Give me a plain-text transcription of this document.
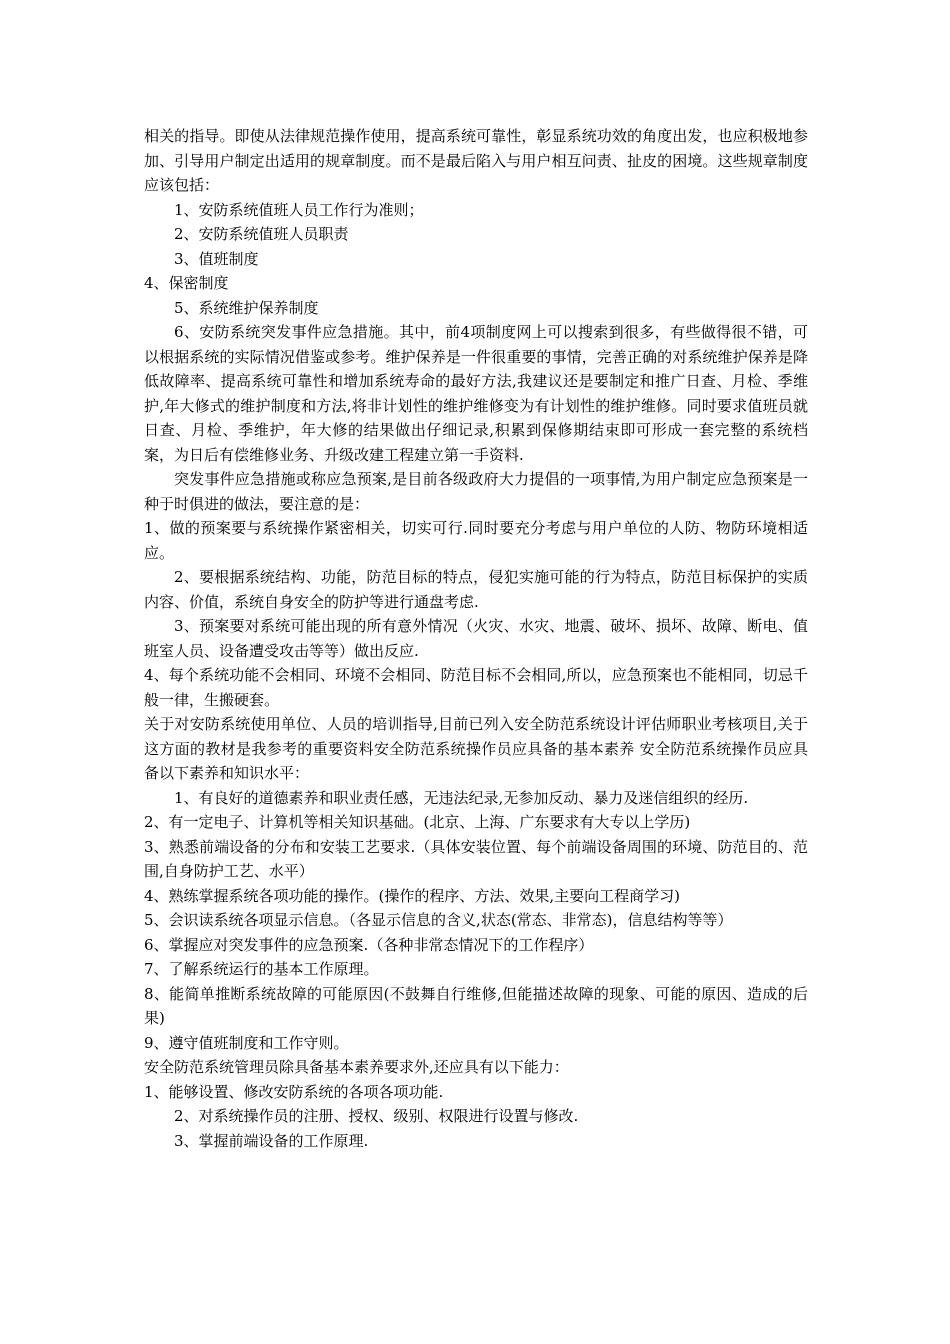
相关的指导。即使从法律规范操作使用，提高系统可靠性，彰显系统功效的角度出发，也应积极地参加、引导用户制定出适用的规章制度。而不是最后陷入与用户相互问责、扯皮的困境。这些规章制度应该包括：

1、安防系统值班人员工作行为准则；

2、安防系统值班人员职责

3、值班制度

4、保密制度

5、系统维护保养制度

6、安防系统突发事件应急措施。其中，前4项制度网上可以搜索到很多，有些做得很不错，可以根据系统的实际情况借鉴或参考。维护保养是一件很重要的事情，完善正确的对系统维护保养是降低故障率、提高系统可靠性和增加系统寿命的最好方法,我建议还是要制定和推广日查、月检、季维护,年大修式的维护制度和方法,将非计划性的维护维修变为有计划性的维护维修。同时要求值班员就日查、月检、季维护，年大修的结果做出仔细记录,积累到保修期结束即可形成一套完整的系统档案，为日后有偿维修业务、升级改建工程建立第一手资料.

突发事件应急措施或称应急预案,是目前各级政府大力提倡的一项事情,为用户制定应急预案是一种于时俱进的做法，要注意的是：

1、做的预案要与系统操作紧密相关，切实可行.同时要充分考虑与用户单位的人防、物防环境相适应。

2、要根据系统结构、功能，防范目标的特点，侵犯实施可能的行为特点，防范目标保护的实质内容、价值，系统自身安全的防护等进行通盘考虑.

3、预案要对系统可能出现的所有意外情况（火灾、水灾、地震、破坏、损坏、故障、断电、值班室人员、设备遭受攻击等等）做出反应.

4、每个系统功能不会相同、环境不会相同、防范目标不会相同,所以，应急预案也不能相同，切忌千般一律，生搬硬套。

关于对安防系统使用单位、人员的培训指导,目前已列入安全防范系统设计评估师职业考核项目,关于这方面的教材是我参考的重要资料安全防范系统操作员应具备的基本素养 安全防范系统操作员应具备以下素养和知识水平：

1、有良好的道德素养和职业责任感，无违法纪录,无参加反动、暴力及迷信组织的经历.

2、有一定电子、计算机等相关知识基础。(北京、上海、广东要求有大专以上学历)

3、熟悉前端设备的分布和安装工艺要求.（具体安装位置、每个前端设备周围的环境、防范目的、范围,自身防护工艺、水平）

4、熟练掌握系统各项功能的操作。(操作的程序、方法、效果,主要向工程商学习)

5、会识读系统各项显示信息。（各显示信息的含义,状态(常态、非常态)，信息结构等等）

6、掌握应对突发事件的应急预案.（各种非常态情况下的工作程序）

7、了解系统运行的基本工作原理。

8、能简单推断系统故障的可能原因(不鼓舞自行维修,但能描述故障的现象、可能的原因、造成的后果)

9、遵守值班制度和工作守则。

安全防范系统管理员除具备基本素养要求外,还应具有以下能力：

1、能够设置、修改安防系统的各项各项功能.

2、对系统操作员的注册、授权、级别、权限进行设置与修改.

3、掌握前端设备的工作原理.
